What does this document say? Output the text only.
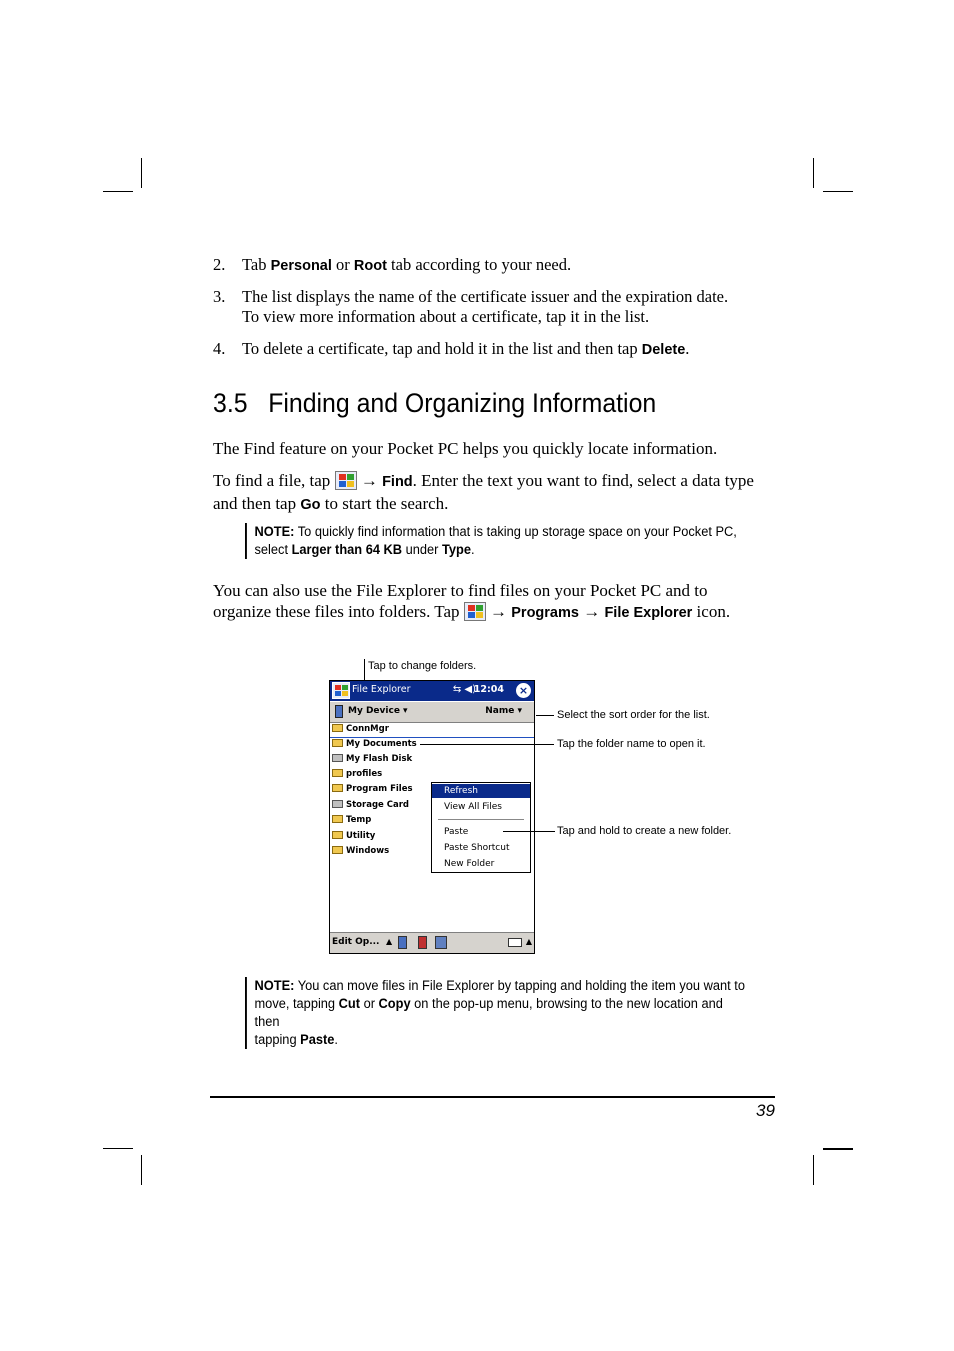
2. Tab Personal or Root tab according to your need.
3. The list displays the name of the certificate issuer and the expiration date.
To view more information about a certificate, tap it in the list.
4. To delete a certificate, tap and hold it in the list and then tap Delete.
3.5 Finding and Organizing Information
The Find feature on your Pocket PC helps you quickly locate information.
To find a file, tap
→ Find. Enter the text you want to find, select a data type
and then tap Go to start the search.
NOTE: To quickly find information that is taking up storage space on your Pocket PC,
select Larger than 64 KB under Type.
You can also use the File Explorer to find files on your Pocket PC and to
organize these files into folders. Tap
→ Programs → File Explorer icon.
Tap to change folders.
File Explorer	⇆ ◀)
12:04 ×
My Device ▾	Name ▾
ConnMgr
My Documents
My Flash Disk
profiles
Program Files
Storage Card
Temp
Utility
Windows
Refresh
View All Files
Paste
Paste Shortcut
New Folder
Edit Op... ▲	▲
Select the sort order for the list.
Tap the folder name to open it.
Tap and hold to create a new folder.
NOTE: You can move files in File Explorer by tapping and holding the item you want to
move, tapping Cut or Copy on the pop-up menu, browsing to the new location and then
tapping Paste.
39
